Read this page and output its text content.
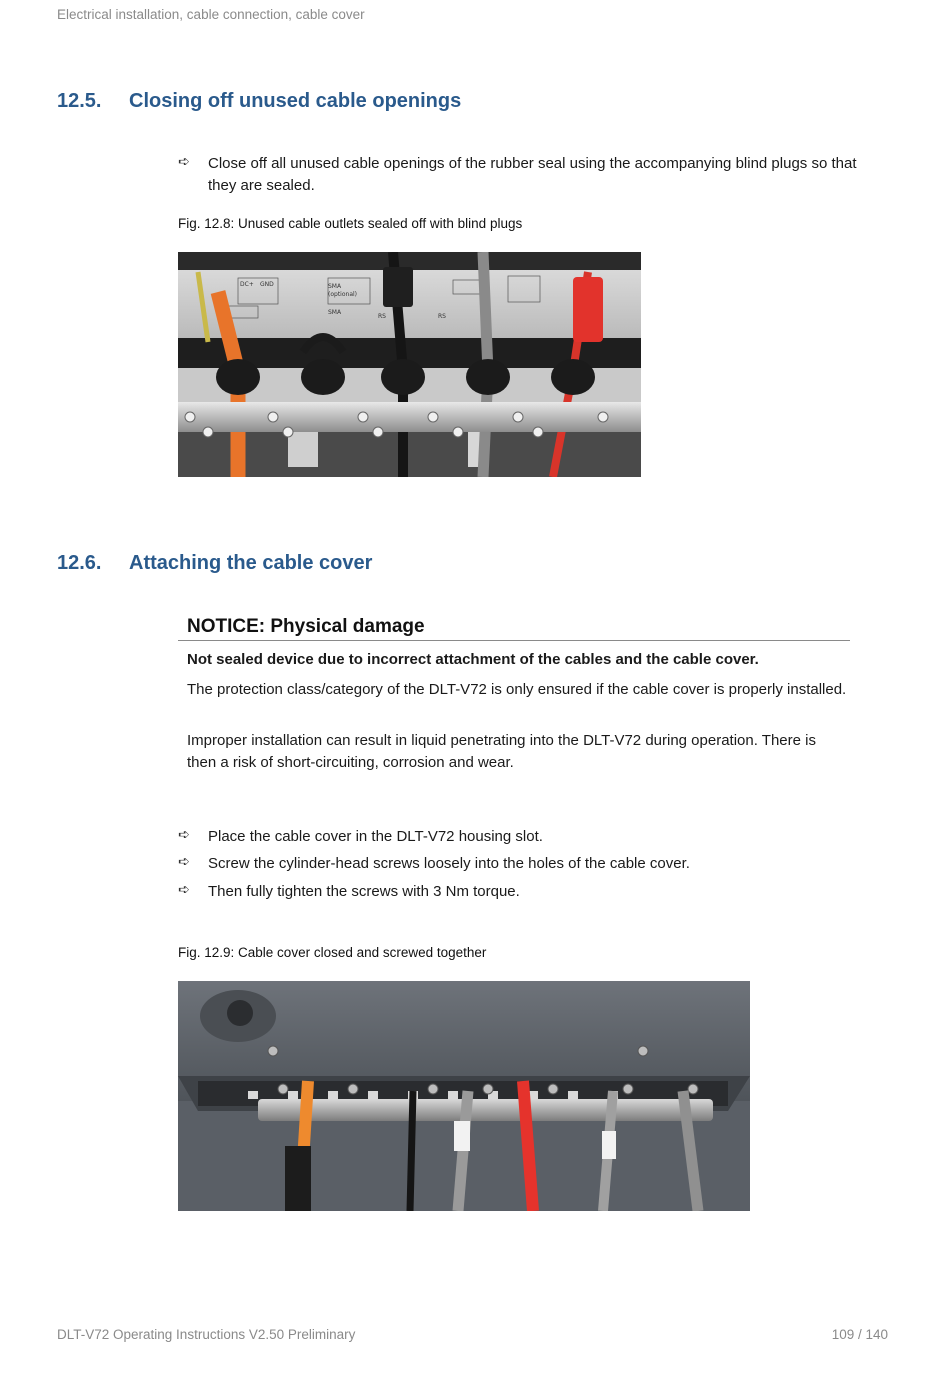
Electrical installation, cable connection, cable cover
12.5. Closing off unused cable openings
➪ Close off all unused cable openings of the rubber seal using the accompanying blind plugs so that they are sealed.
Fig. 12.8: Unused cable outlets sealed off with blind plugs
DC+ GND	SMA
(optional)
SMA
RS	RS
12.6. Attaching the cable cover
NOTICE: Physical damage
Not sealed device due to incorrect attachment of the cables and the cable cover.
The protection class/category of the DLT-V72 is only ensured if the cable cover is properly installed.
Improper installation can result in liquid penetrating into the DLT-V72 during operation. There is then a risk of short-circuiting, corrosion and wear.
➪ Place the cable cover in the DLT-V72 housing slot.
➪ Screw the cylinder-head screws loosely into the holes of the cable cover.
➪ Then fully tighten the screws with 3 Nm torque.
Fig. 12.9: Cable cover closed and screwed together
DLT-V72 Operating Instructions V2.50 Preliminary	109 / 140
